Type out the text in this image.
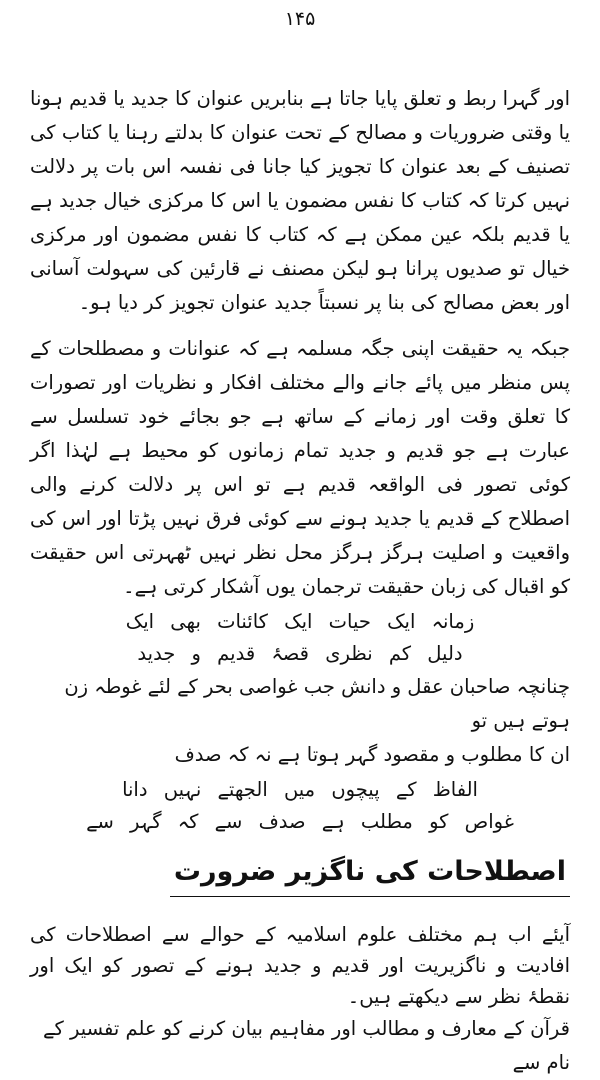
۱۴۵

اور گہرا ربط و تعلق پایا جاتا ہے بنابریں عنوان کا جدید یا قدیم ہونا یا وقتی ضروریات و مصالح کے تحت عنوان کا بدلتے رہنا یا کتاب کی تصنیف کے بعد عنوان کا تجویز کیا جانا فی نفسہ اس بات پر دلالت نہیں کرتا کہ کتاب کا نفس مضمون یا اس کا مرکزی خیال جدید ہے یا قدیم بلکہ عین ممکن ہے کہ کتاب کا نفس مضمون اور مرکزی خیال تو صدیوں پرانا ہو لیکن مصنف نے قارئین کی سہولت آسانی اور بعض مصالح کی بنا پر نسبتاً جدید عنوان تجویز کر دیا ہو۔

جبکہ یہ حقیقت اپنی جگہ مسلمہ ہے کہ عنوانات و مصطلحات کے پس منظر میں پائے جانے والے مختلف افکار و نظریات اور تصورات کا تعلق وقت اور زمانے کے ساتھ ہے جو بجائے خود تسلسل سے عبارت ہے جو قدیم و جدید تمام زمانوں کو محیط ہے لہٰذا اگر کوئی تصور فی الواقعہ قدیم ہے تو اس پر دلالت کرنے والی اصطلاح کے قدیم یا جدید ہونے سے کوئی فرق نہیں پڑتا اور اس کی واقعیت و اصلیت ہرگز ہرگز محل نظر نہیں ٹھہرتی اس حقیقت کو اقبال کی زبان حقیقت ترجمان یوں آشکار کرتی ہے۔

زمانہ ایک حیات ایک کائنات بھی ایک

دلیل کم نظری قصۂ قدیم و جدید

چنانچہ صاحبان عقل و دانش جب غواصی بحر کے لئے غوطہ زن ہوتے ہیں تو

ان کا مطلوب و مقصود گہر ہوتا ہے نہ کہ صدف

الفاظ کے پیچوں میں الجھتے نہیں دانا

غواص کو مطلب ہے صدف سے کہ گہر سے

اصطلاحات کی ناگزیر ضرورت

آیئے اب ہم مختلف علوم اسلامیہ کے حوالے سے اصطلاحات کی افادیت و ناگزیریت اور قدیم و جدید ہونے کے تصور کو ایک اور نقطۂ نظر سے دیکھتے ہیں۔

قرآن کے معارف و مطالب اور مفاہیم بیان کرنے کو علم تفسیر کے نام سے
